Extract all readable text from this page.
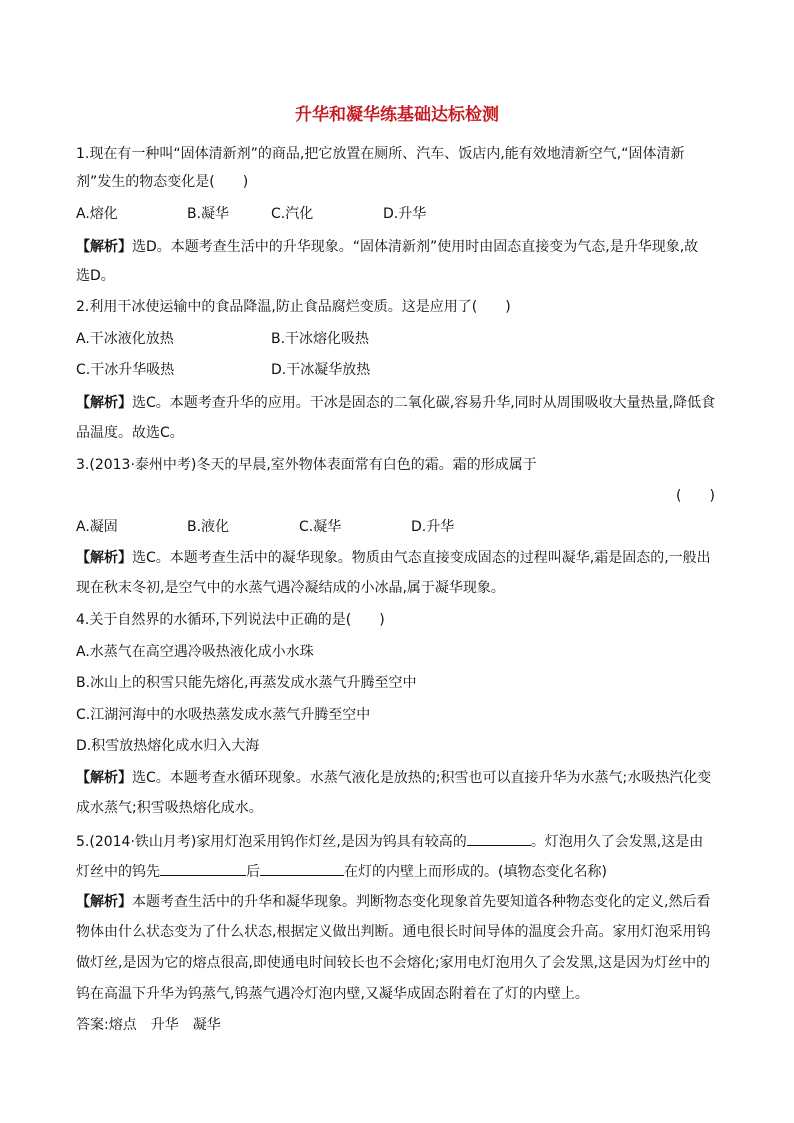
升华和凝华练基础达标检测
1.现在有一种叫“固体清新剂”的商品,把它放置在厕所、汽车、饭店内,能有效地清新空气,“固体清新
剂”发生的物态变化是(　　)
A.熔化	B.凝华	C.汽化	D.升华
【解析】选D。本题考查生活中的升华现象。“固体清新剂”使用时由固态直接变为气态,是升华现象,故
选D。
2.利用干冰使运输中的食品降温,防止食品腐烂变质。这是应用了(　　)
A.干冰液化放热	B.干冰熔化吸热
C.干冰升华吸热	D.干冰凝华放热
【解析】选C。本题考查升华的应用。干冰是固态的二氧化碳,容易升华,同时从周围吸收大量热量,降低食
品温度。故选C。
3.(2013·泰州中考)冬天的早晨,室外物体表面常有白色的霜。霜的形成属于
(　　)
A.凝固	B.液化	C.凝华	D.升华
【解析】选C。本题考查生活中的凝华现象。物质由气态直接变成固态的过程叫凝华,霜是固态的,一般出
现在秋末冬初,是空气中的水蒸气遇冷凝结成的小冰晶,属于凝华现象。
4.关于自然界的水循环,下列说法中正确的是(　　)
A.水蒸气在高空遇冷吸热液化成小水珠
B.冰山上的积雪只能先熔化,再蒸发成水蒸气升腾至空中
C.江湖河海中的水吸热蒸发成水蒸气升腾至空中
D.积雪放热熔化成水归入大海
【解析】选C。本题考查水循环现象。水蒸气液化是放热的;积雪也可以直接升华为水蒸气;水吸热汽化变
成水蒸气;积雪吸热熔化成水。
5.(2014·铁山月考)家用灯泡采用钨作灯丝,是因为钨具有较高的	。灯泡用久了会发黑,这是由
灯丝中的钨先	后	在灯的内壁上而形成的。(填物态变化名称)
【解析】本题考查生活中的升华和凝华现象。判断物态变化现象首先要知道各种物态变化的定义,然后看
物体由什么状态变为了什么状态,根据定义做出判断。通电很长时间导体的温度会升高。家用灯泡采用钨
做灯丝,是因为它的熔点很高,即使通电时间较长也不会熔化;家用电灯泡用久了会发黑,这是因为灯丝中的
钨在高温下升华为钨蒸气,钨蒸气遇冷灯泡内壁,又凝华成固态附着在了灯的内壁上。
答案:熔点　升华　凝华
